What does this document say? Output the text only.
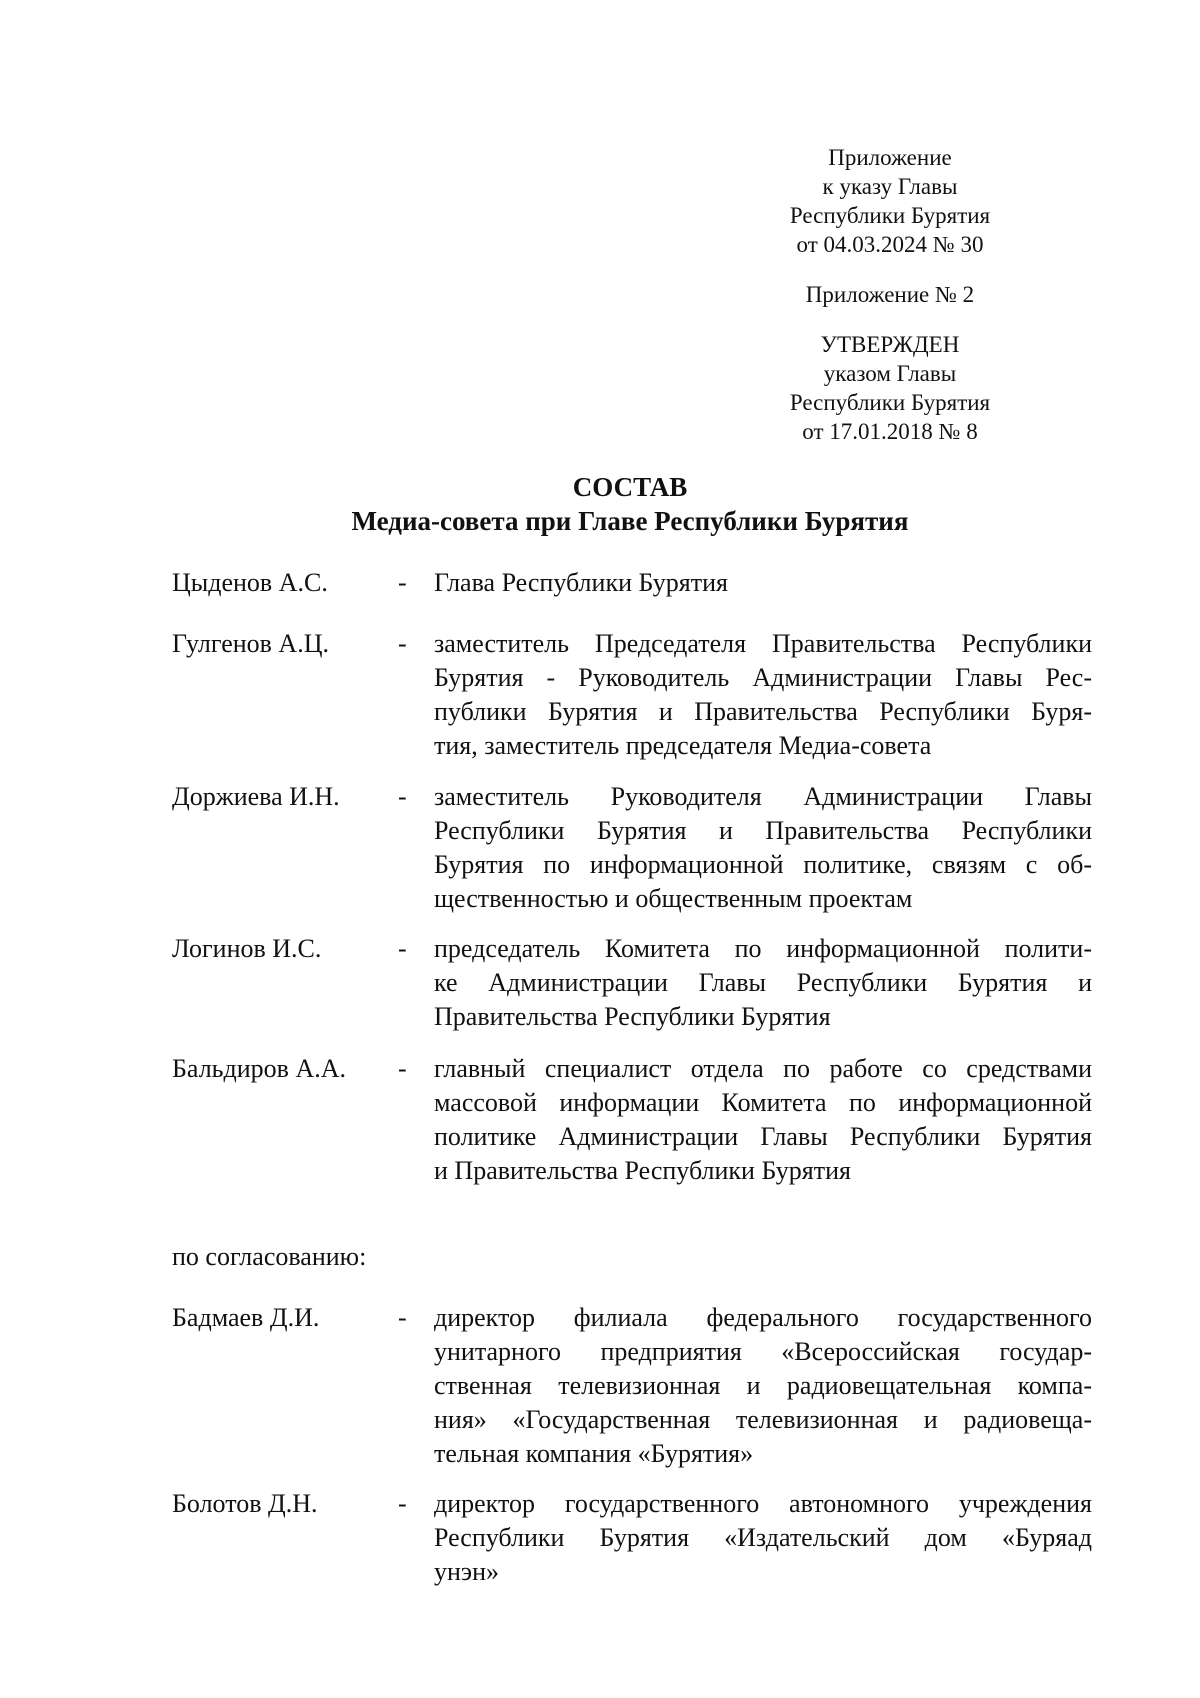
Приложение
к указу Главы
Республики Бурятия
от 04.03.2024 № 30
Приложение № 2
УТВЕРЖДЕН
указом Главы
Республики Бурятия
от 17.01.2018 № 8
СОСТАВ
Медиа-совета при Главе Республики Бурятия
Цыденов А.С.	- Глава Республики Бурятия
Гулгенов А.Ц.	- заместитель Председателя Правительства Республики
Бурятия - Руководитель Администрации Главы Рес-
публики Бурятия и Правительства Республики Буря-
тия, заместитель председателя Медиа-совета
Доржиева И.Н. - заместитель Руководителя Администрации Главы
Республики Бурятия и Правительства Республики
Бурятия по информационной политике, связям с об-
щественностью и общественным проектам
Логинов И.С.	- председатель Комитета по информационной полити-
ке Администрации Главы Республики Бурятия и
Правительства Республики Бурятия
Бальдиров А.А. - главный специалист отдела по работе со средствами
массовой информации Комитета по информационной
политике Администрации Главы Республики Бурятия
и Правительства Республики Бурятия
по согласованию:
Бадмаев Д.И.	- директор филиала федерального государственного
унитарного предприятия «Всероссийская государ-
ственная телевизионная и радиовещательная компа-
ния» «Государственная телевизионная и радиовеща-
тельная компания «Бурятия»
Болотов Д.Н.	- директор государственного автономного учреждения
Республики Бурятия «Издательский дом «Буряад
унэн»
